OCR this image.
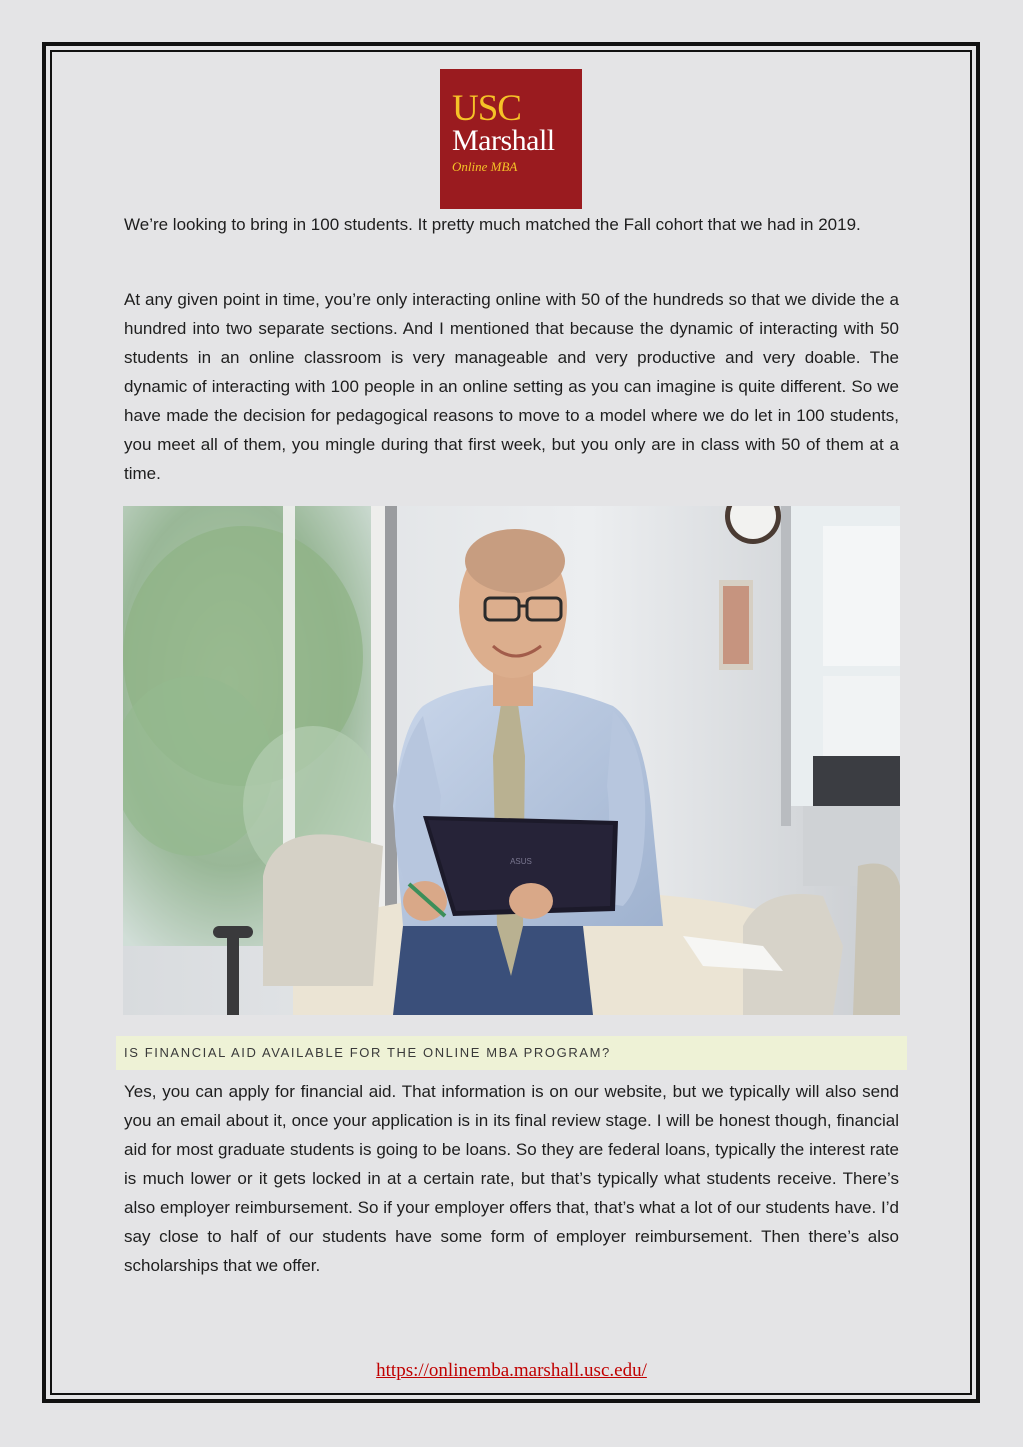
USC
Marshall
Online MBA

We’re looking to bring in 100 students. It pretty much matched the Fall cohort that we had in 2019.

At any given point in time, you’re only interacting online with 50 of the hundreds so that we divide the a hundred into two separate sections. And I mentioned that because the dynamic of interacting with 50 students in an online classroom is very manageable and very productive and very doable. The dynamic of interacting with 100 people in an online setting as you can imagine is quite different. So we have made the decision for pedagogical reasons to move to a model where we do let in 100 students, you meet all of them, you mingle during that first week, but you only are in class with 50 of them at a time.

ASUS
IS FINANCIAL AID AVAILABLE FOR THE ONLINE MBA PROGRAM?

Yes, you can apply for financial aid. That information is on our website, but we typically will also send you an email about it, once your application is in its final review stage. I will be honest though, financial aid for most graduate students is going to be loans. So they are federal loans, typically the interest rate is much lower or it gets locked in at a certain rate, but that’s typically what students receive. There’s also employer reimbursement. So if your employer offers that, that’s what a lot of our students have. I’d say close to half of our students have some form of employer reimbursement. Then there’s also scholarships that we offer.

https://onlinemba.marshall.usc.edu/
